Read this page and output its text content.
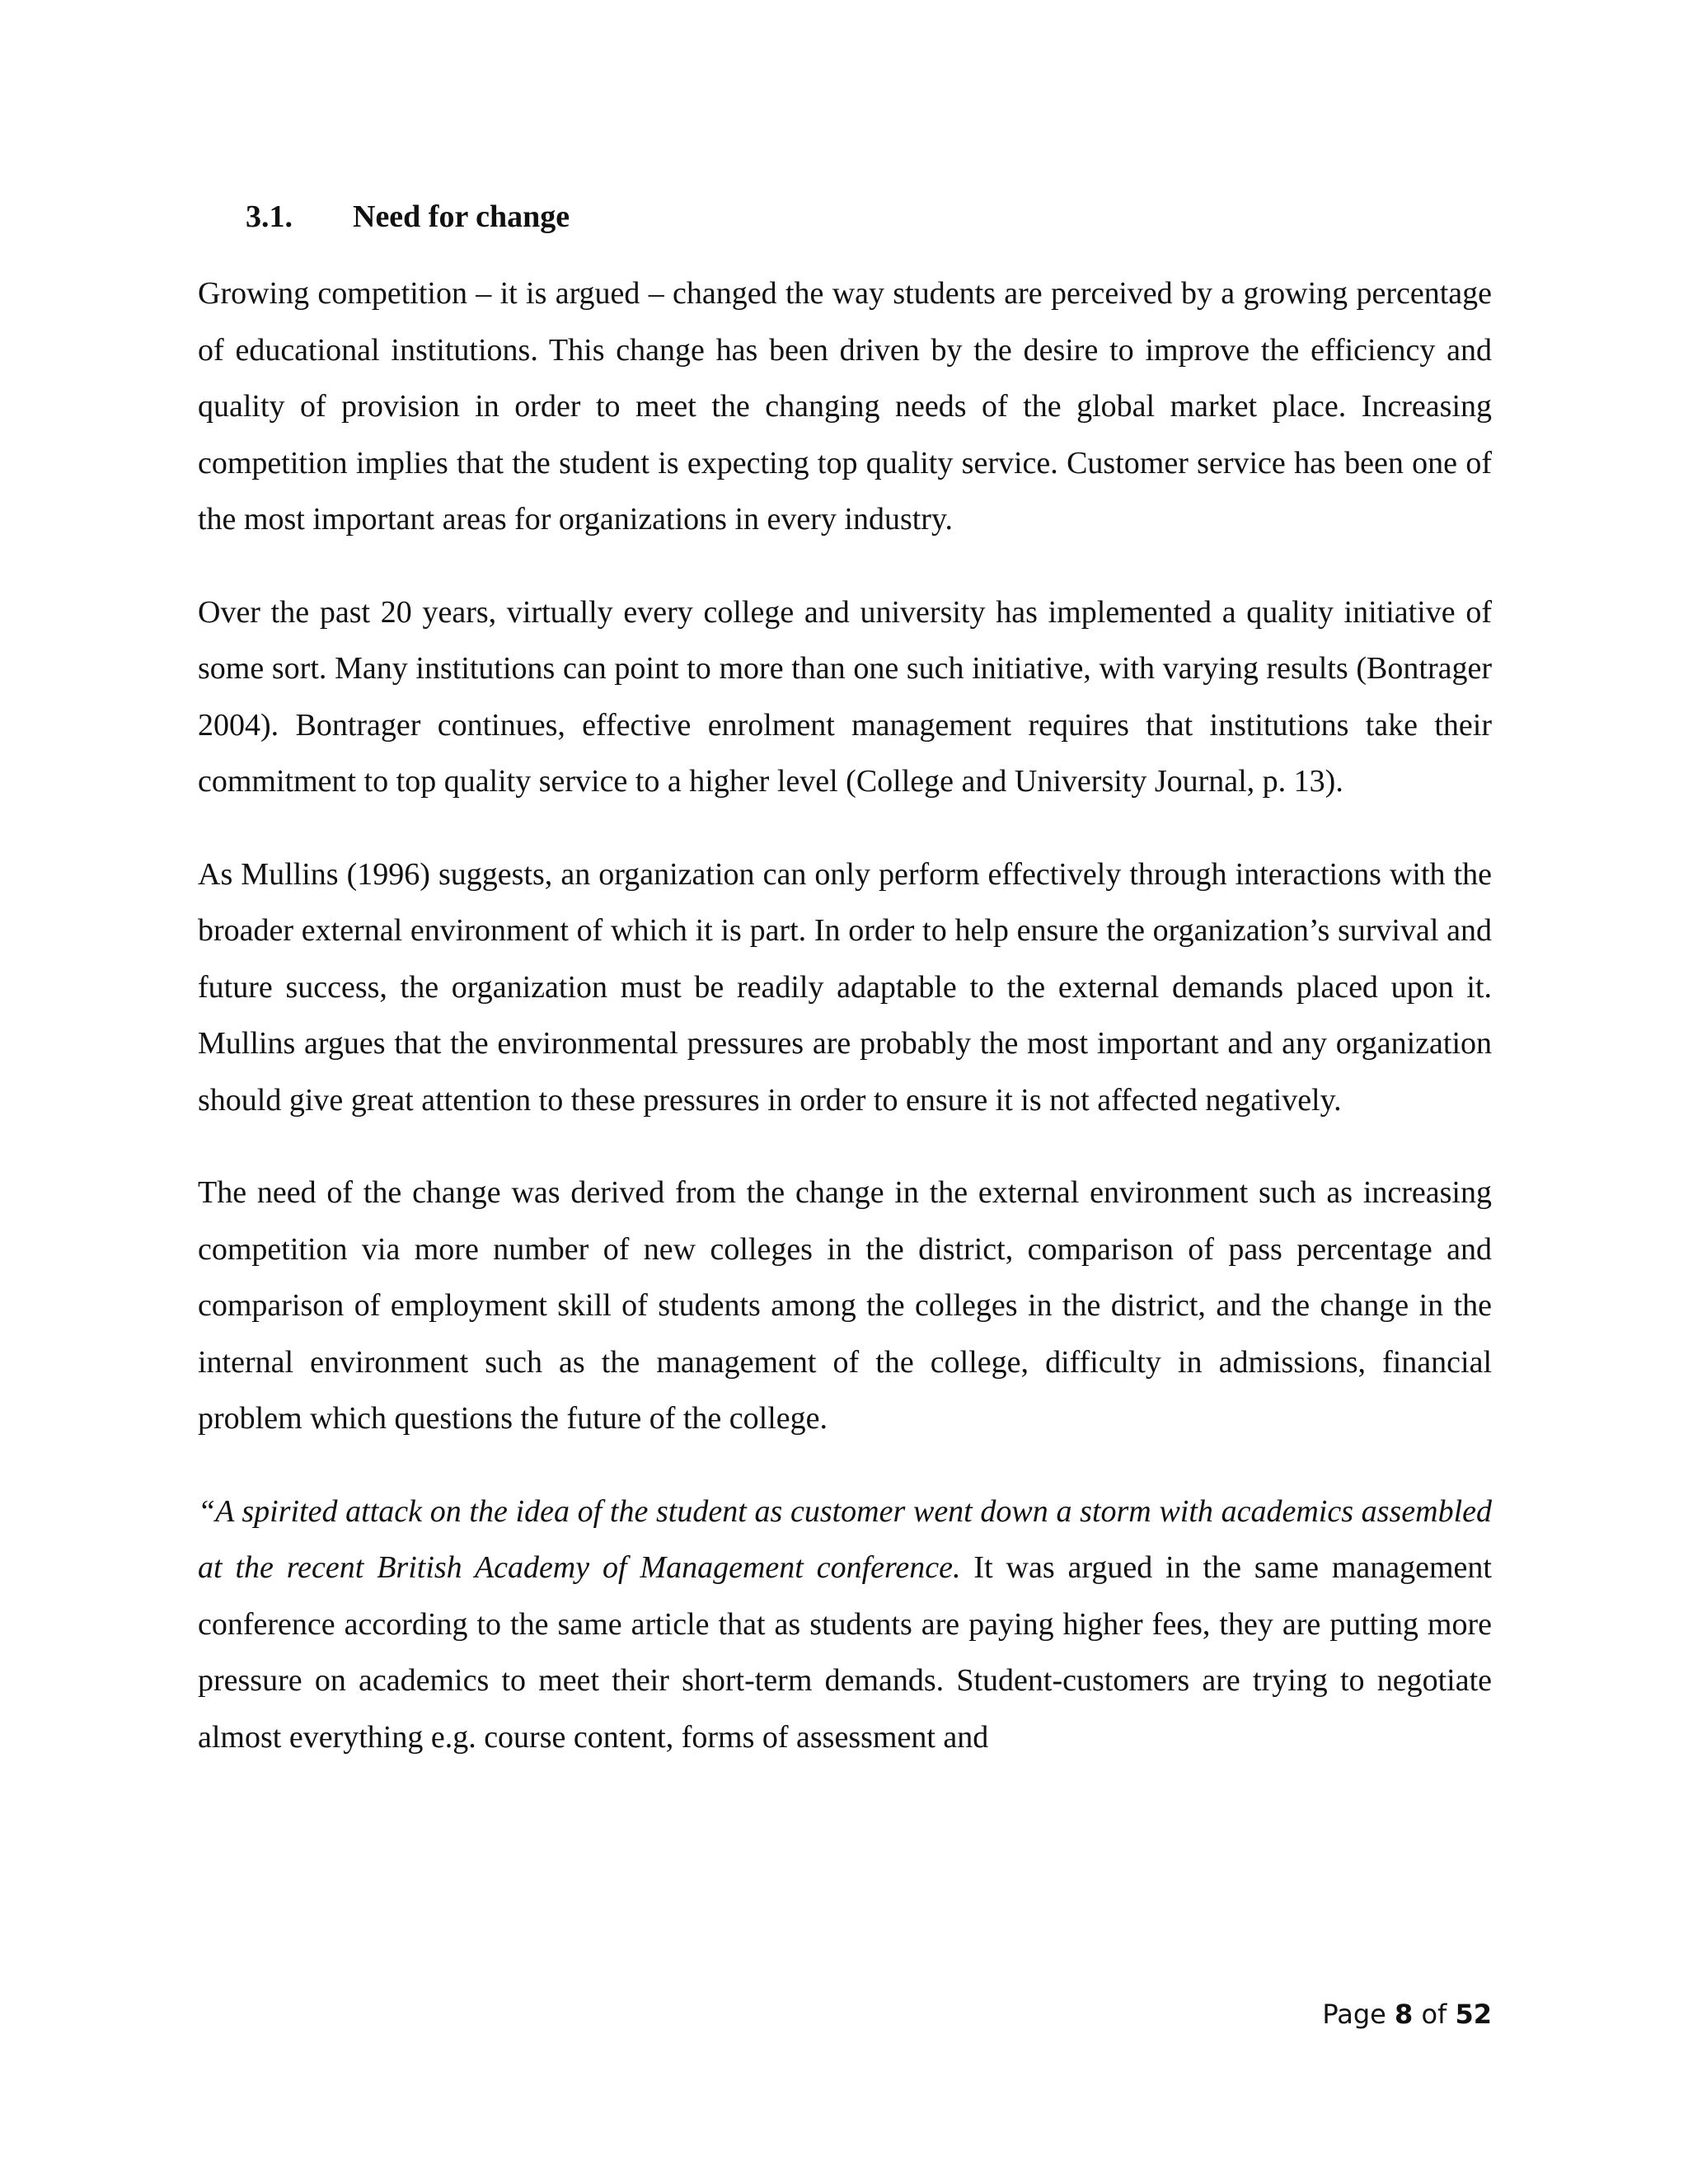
3.1. Need for change

Growing competition – it is argued – changed the way students are perceived by a growing percentage of educational institutions. This change has been driven by the desire to improve the efficiency and quality of provision in order to meet the changing needs of the global market place. Increasing competition implies that the student is expecting top quality service. Customer service has been one of the most important areas for organizations in every industry.

Over the past 20 years, virtually every college and university has implemented a quality initiative of some sort. Many institutions can point to more than one such initiative, with varying results (Bontrager 2004). Bontrager continues, effective enrolment management requires that institutions take their commitment to top quality service to a higher level (College and University Journal, p. 13).

As Mullins (1996) suggests, an organization can only perform effectively through interactions with the broader external environment of which it is part. In order to help ensure the organization’s survival and future success, the organization must be readily adaptable to the external demands placed upon it. Mullins argues that the environmental pressures are probably the most important and any organization should give great attention to these pressures in order to ensure it is not affected negatively.

The need of the change was derived from the change in the external environment such as increasing competition via more number of new colleges in the district, comparison of pass percentage and comparison of employment skill of students among the colleges in the district, and the change in the internal environment such as the management of the college, difficulty in admissions, financial problem which questions the future of the college.

“A spirited attack on the idea of the student as customer went down a storm with academics assembled at the recent British Academy of Management conference. It was argued in the same management conference according to the same article that as students are paying higher fees, they are putting more pressure on academics to meet their short-term demands. Student-customers are trying to negotiate almost everything e.g. course content, forms of assessment and

Page 8 of 52
